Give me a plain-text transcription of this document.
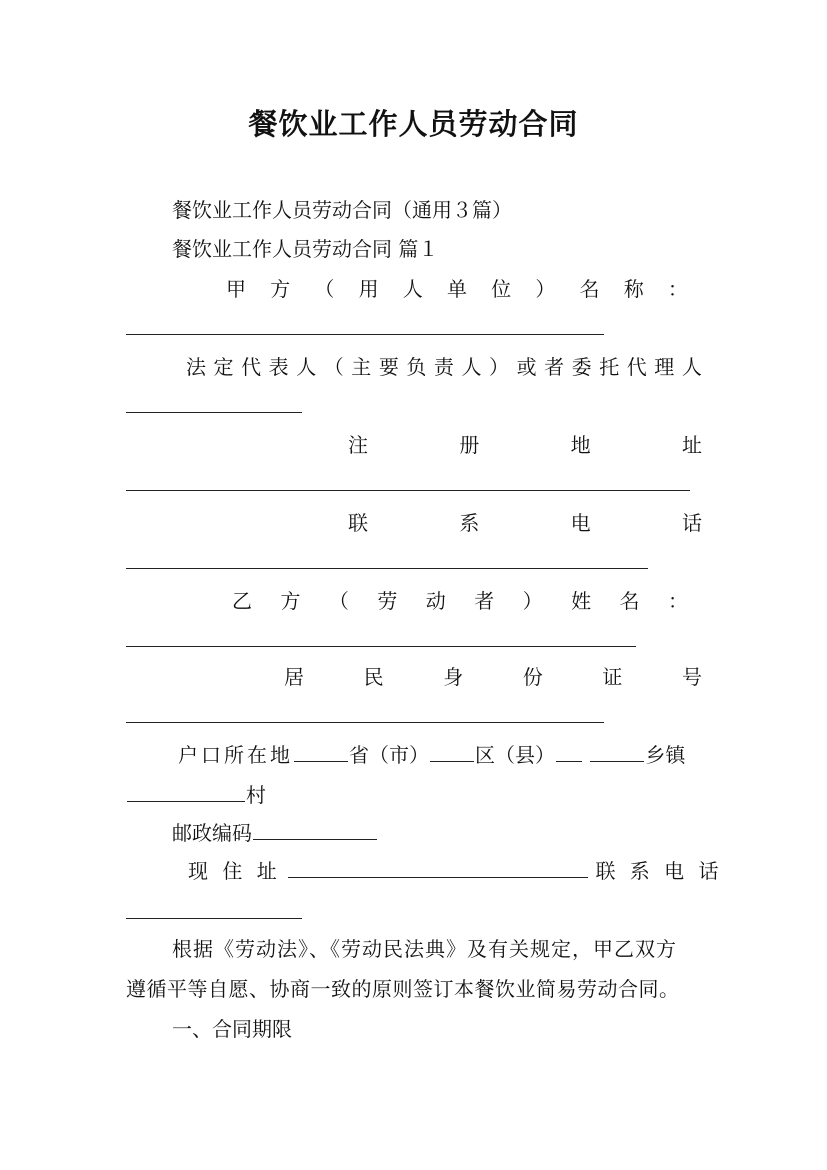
餐饮业工作人员劳动合同
餐饮业工作人员劳动合同（通用３篇）
餐饮业工作人员劳动合同 篇１
甲 方 （ 用 人 单 位 ） 名 称 ：
法 定 代 表 人 （ 主 要 负 责 人 ） 或 者 委 托 代 理 人
注	册	地	址
联	系	电	话
乙 方 （ 劳 动 者 ） 姓 名 ：
居	民	身	份	证	号
户口所在地	省（市） 区（县）	乡镇
村
邮政编码
现 住 址	联 系 电 话
根据《劳动法》、《劳动民法典》及有关规定，甲乙双方
遵循平等自愿、协商一致的原则签订本餐饮业简易劳动合同。
一、合同期限
